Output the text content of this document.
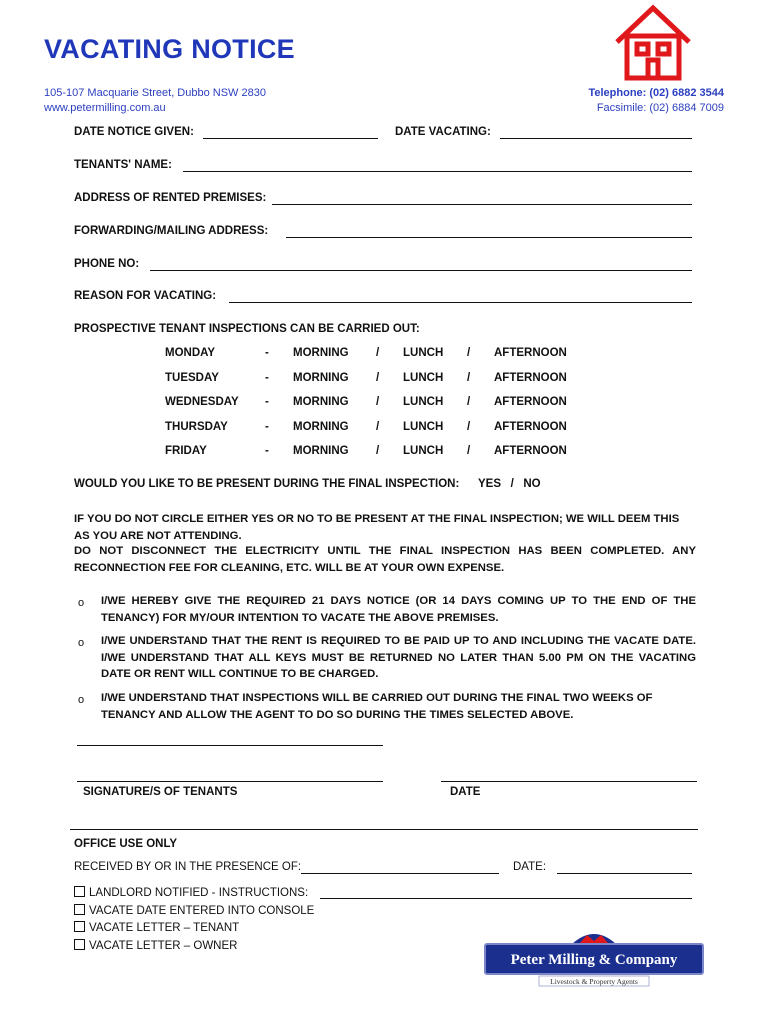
VACATING NOTICE
105-107 Macquarie Street, Dubbo NSW 2830
www.petermilling.com.au
Telephone: (02) 6882 3544
Facsimile: (02) 6884 7009
DATE NOTICE GIVEN:	DATE VACATING:
TENANTS' NAME:
ADDRESS OF RENTED PREMISES:
FORWARDING/MAILING ADDRESS:
PHONE NO:
REASON FOR VACATING:
PROSPECTIVE TENANT INSPECTIONS CAN BE CARRIED OUT:
MONDAY	- MORNING / LUNCH / AFTERNOON
TUESDAY	- MORNING / LUNCH / AFTERNOON
WEDNESDAY - MORNING / LUNCH / AFTERNOON
THURSDAY	- MORNING / LUNCH / AFTERNOON
FRIDAY	- MORNING / LUNCH / AFTERNOON
WOULD YOU LIKE TO BE PRESENT DURING THE FINAL INSPECTION: YES   /   NO
IF YOU DO NOT CIRCLE EITHER YES OR NO TO BE PRESENT AT THE FINAL INSPECTION; WE WILL DEEM THIS AS YOU ARE NOT ATTENDING.
DO NOT DISCONNECT THE ELECTRICITY UNTIL THE FINAL INSPECTION HAS BEEN COMPLETED. ANY RECONNECTION FEE FOR CLEANING, ETC. WILL BE AT YOUR OWN EXPENSE.
o I/WE HEREBY GIVE THE REQUIRED 21 DAYS NOTICE (OR 14 DAYS COMING UP TO THE END OF THE TENANCY) FOR MY/OUR INTENTION TO VACATE THE ABOVE PREMISES.
o I/WE UNDERSTAND THAT THE RENT IS REQUIRED TO BE PAID UP TO AND INCLUDING THE VACATE DATE. I/WE UNDERSTAND THAT ALL KEYS MUST BE RETURNED NO LATER THAN 5.00 PM ON THE VACATING DATE OR RENT WILL CONTINUE TO BE CHARGED.
o I/WE UNDERSTAND THAT INSPECTIONS WILL BE CARRIED OUT DURING THE FINAL TWO WEEKS OF TENANCY AND ALLOW THE AGENT TO DO SO DURING THE TIMES SELECTED ABOVE.
SIGNATURE/S OF TENANTS	DATE
OFFICE USE ONLY
RECEIVED BY OR IN THE PRESENCE OF:	DATE:
LANDLORD NOTIFIED - INSTRUCTIONS:
VACATE DATE ENTERED INTO CONSOLE
VACATE LETTER – TENANT
VACATE LETTER – OWNER
Peter Milling & Company
Livestock & Property Agents
